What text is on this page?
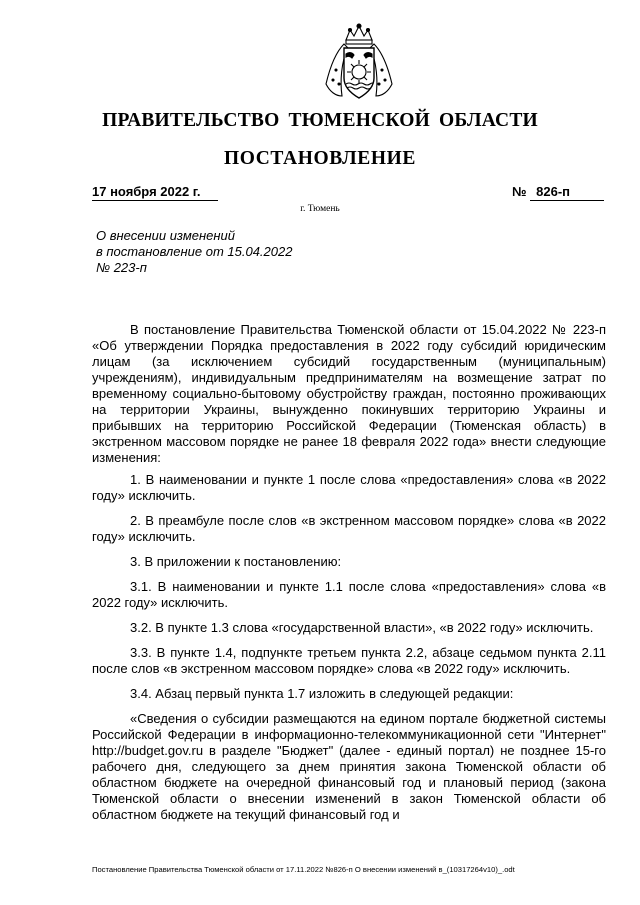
ПРАВИТЕЛЬСТВО ТЮМЕНСКОЙ ОБЛАСТИ
ПОСТАНОВЛЕНИЕ
17 ноября 2022 г.	№ 826-п
г. Тюмень
О внесении изменений
в постановление от 15.04.2022
№ 223-п

В постановление Правительства Тюменской области от 15.04.2022 № 223-п «Об утверждении Порядка предоставления в 2022 году субсидий юридическим лицам (за исключением субсидий государственным (муниципальным) учреждениям), индивидуальным предпринимателям на возмещение затрат по временному социально-бытовому обустройству граждан, постоянно проживающих на территории Украины, вынужденно покинувших территорию Украины и прибывших на территорию Российской Федерации (Тюменская область) в экстренном массовом порядке не ранее 18 февраля 2022 года» внести следующие изменения:

1. В наименовании и пункте 1 после слова «предоставления» слова «в 2022 году» исключить.

2. В преамбуле после слов «в экстренном массовом порядке» слова «в 2022 году» исключить.

3. В приложении к постановлению:

3.1. В наименовании и пункте 1.1 после слова «предоставления» слова «в 2022 году» исключить.

3.2. В пункте 1.3 слова «государственной власти», «в 2022 году» исключить.

3.3. В пункте 1.4, подпункте третьем пункта 2.2, абзаце седьмом пункта 2.11 после слов «в экстренном массовом порядке» слова «в 2022 году» исключить.

3.4. Абзац первый пункта 1.7 изложить в следующей редакции:

«Сведения о субсидии размещаются на едином портале бюджетной системы Российской Федерации в информационно-телекоммуникационной сети "Интернет" http://budget.gov.ru в разделе "Бюджет" (далее - единый портал) не позднее 15-го рабочего дня, следующего за днем принятия закона Тюменской области об областном бюджете на очередной финансовый год и плановый период (закона Тюменской области о внесении изменений в закон Тюменской области об областном бюджете на текущий финансовый год и

Постановление Правительства Тюменской области от 17.11.2022 №826-п О внесении изменений в_(10317264v10)_.odt
